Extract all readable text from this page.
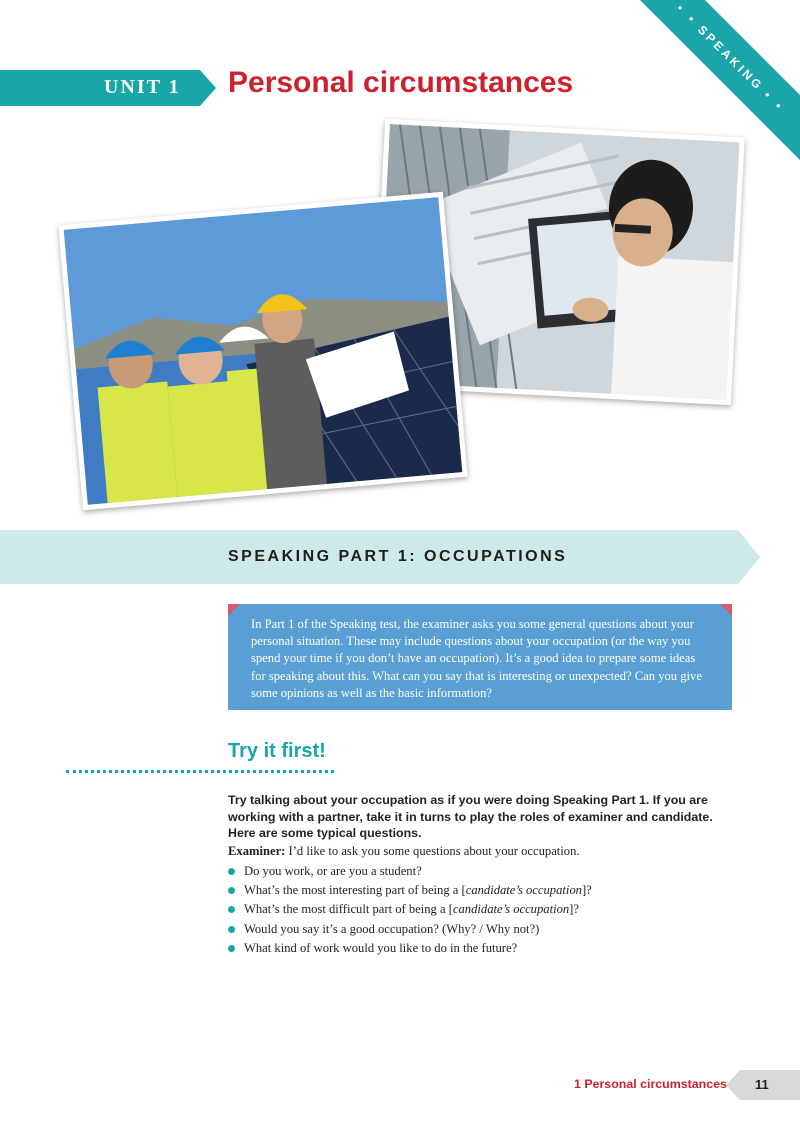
• • SPEAKING • •
UNIT 1 Personal circumstances
SPEAKING PART 1: OCCUPATIONS
In Part 1 of the Speaking test, the examiner asks you some general questions about your personal situation. These may include questions about your occupation (or the way you spend your time if you don’t have an occupation). It’s a good idea to prepare some ideas for speaking about this. What can you say that is interesting or unexpected? Can you give some opinions as well as the basic information?
Try it first!
Try talking about your occupation as if you were doing Speaking Part 1. If you are working with a partner, take it in turns to play the roles of examiner and candidate. Here are some typical questions.
Examiner: I’d like to ask you some questions about your occupation.
Do you work, or are you a student?
What’s the most interesting part of being a [candidate’s occupation]?
What’s the most difficult part of being a [candidate’s occupation]?
Would you say it’s a good occupation? (Why? / Why not?)
What kind of work would you like to do in the future?
1 Personal circumstances 11
